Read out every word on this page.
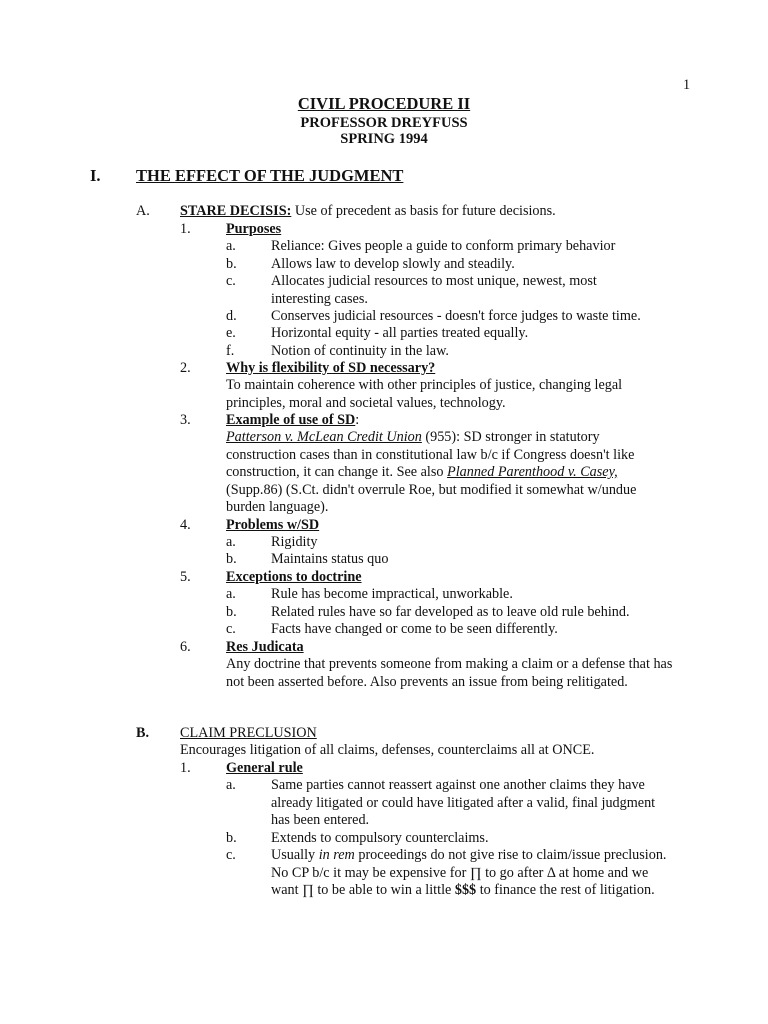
1
CIVIL PROCEDURE II
PROFESSOR DREYFUSS
SPRING 1994
I. THE EFFECT OF THE JUDGMENT
A. STARE DECISIS: Use of precedent as basis for future decisions.
1. Purposes
a. Reliance: Gives people a guide to conform primary behavior
b. Allows law to develop slowly and steadily.
c. Allocates judicial resources to most unique, newest, most interesting cases.
d. Conserves judicial resources - doesn't force judges to waste time.
e. Horizontal equity - all parties treated equally.
f.	Notion of continuity in the law.
2. Why is flexibility of SD necessary?
To maintain coherence with other principles of justice, changing legal principles, moral and societal values, technology.
3. Example of use of SD:
Patterson v. McLean Credit Union (955): SD stronger in statutory construction cases than in constitutional law b/c if Congress doesn't like construction, it can change it. See also Planned Parenthood v. Casey, (Supp.86) (S.Ct. didn't overrule Roe, but modified it somewhat w/undue burden language).
4. Problems w/SD
a. Rigidity
b. Maintains status quo
5. Exceptions to doctrine
a. Rule has become impractical, unworkable.
b. Related rules have so far developed as to leave old rule behind.
c. Facts have changed or come to be seen differently.
6. Res Judicata
Any doctrine that prevents someone from making a claim or a defense that has not been asserted before. Also prevents an issue from being relitigated.
B. CLAIM PRECLUSION
Encourages litigation of all claims, defenses, counterclaims all at ONCE.
1. General rule
a. Same parties cannot reassert against one another claims they have already litigated or could have litigated after a valid, final judgment has been entered.
b. Extends to compulsory counterclaims.
c. Usually in rem proceedings do not give rise to claim/issue preclusion. No CP b/c it may be expensive for ∏ to go after Δ at home and we want ∏ to be able to win a little $$$ to finance the rest of litigation.
